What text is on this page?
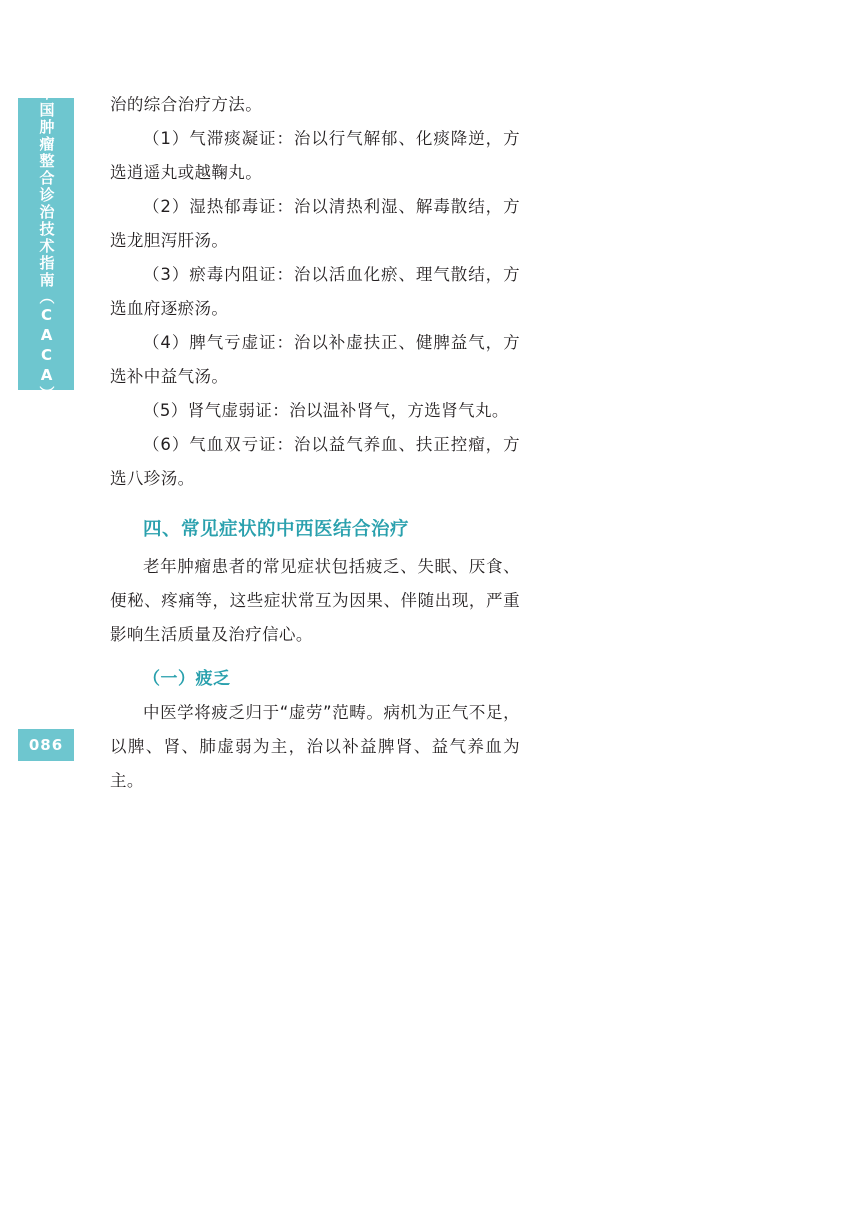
中国肿瘤整合诊治技术指南（CACA）
086

治的综合治疗方法。

（1）气滞痰凝证：治以行气解郁、化痰降逆，方选逍遥丸或越鞠丸。

（2）湿热郁毒证：治以清热利湿、解毒散结，方选龙胆泻肝汤。

（3）瘀毒内阻证：治以活血化瘀、理气散结，方选血府逐瘀汤。

（4）脾气亏虚证：治以补虚扶正、健脾益气，方选补中益气汤。

（5）肾气虚弱证：治以温补肾气，方选肾气丸。

（6）气血双亏证：治以益气养血、扶正控瘤，方选八珍汤。

四、常见症状的中西医结合治疗

老年肿瘤患者的常见症状包括疲乏、失眠、厌食、便秘、疼痛等，这些症状常互为因果、伴随出现，严重影响生活质量及治疗信心。

（一）疲乏

中医学将疲乏归于“虚劳”范畴。病机为正气不足，以脾、肾、肺虚弱为主，治以补益脾肾、益气养血为主。
